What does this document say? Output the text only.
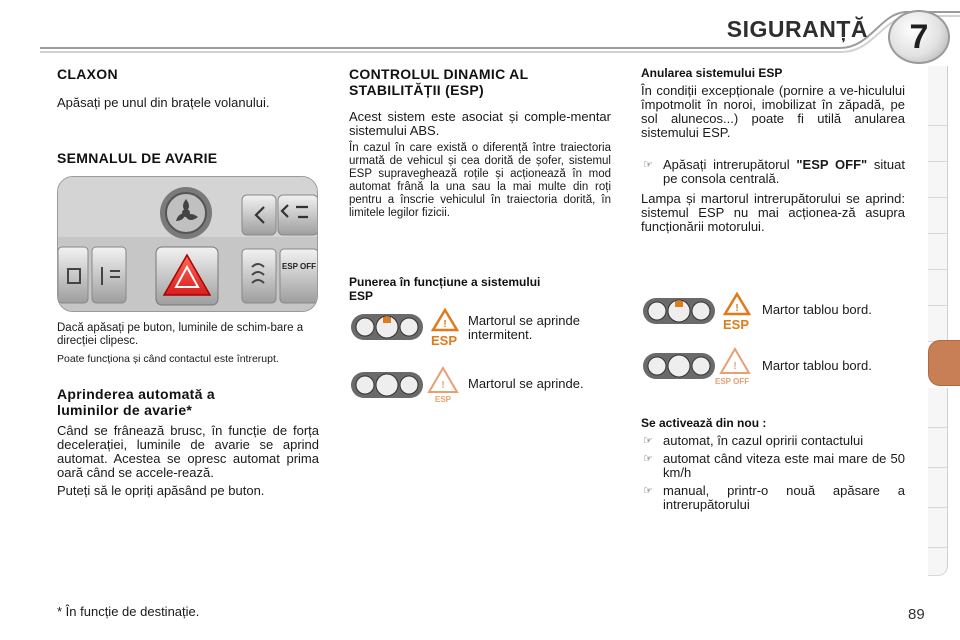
SIGURANȚĂ	7
CLAXON
Apăsați pe unul din brațele volanului.
SEMNALUL DE AVARIE
ESP OFF
Dacă apăsați pe buton, luminile de schim-bare a direcției clipesc.
Poate funcționa și când contactul este întrerupt.
Aprinderea automată a
luminilor de avarie*
Când se frânează brusc, în funcție de forța decelerației, luminile de avarie se aprind automat. Acestea se opresc automat prima oară când se accele-rează.
Puteți să le opriți apăsând pe buton.
CONTROLUL DINAMIC AL
STABILITĂȚII (ESP)
Acest sistem este asociat și comple-mentar sistemului ABS.
În cazul în care există o diferență între traiectoria urmată de vehicul și cea dorită de șofer, sistemul ESP supraveghează roțile și acționează în mod automat frână la una sau la mai multe din roți pentru a înscrie vehiculul în traiectoria dorită, în limitele legilor fizicii.
Punerea în funcțiune a sistemului
ESP
!
ESP
Martorul se aprinde intermitent.
!
ESP
Martorul se aprinde.
Anularea sistemului ESP
În condiții excepționale (pornire a ve-hiculului împotmolit în noroi, imobilizat în zăpadă, pe sol alunecos...) poate fi utilă anularea sistemului ESP.
☞ Apăsați intrerupătorul "ESP OFF" situat pe consola centrală.
Lampa și martorul intrerupătorului se aprind: sistemul ESP nu mai acționea-ză asupra funcționării motorului.
!
ESP
Martor tablou bord.
!
ESP OFF
Martor tablou bord.
Se activează din nou :
☞ automat, în cazul opririi contactului
☞ automat când viteza este mai mare de 50 km/h
☞ manual, printr-o nouă apăsare a intrerupătorului
* În funcție de destinație.	89
